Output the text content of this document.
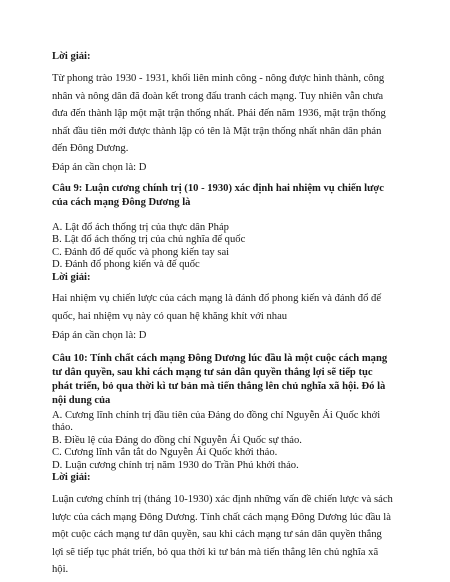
Lời giải:
Từ phong trào 1930 - 1931, khối liên minh công - nông được hình thành, công
nhân và nông dân đã đoàn kết trong đấu tranh cách mạng. Tuy nhiên vẫn chưa
đưa đến thành lập một mặt trận thống nhất. Phải đến năm 1936, mặt trận thống
nhất đầu tiên mới được thành lập có tên là Mặt trận thống nhất nhân dân phản
đến Đông Dương.
Đáp án cần chọn là: D
Câu 9: Luận cương chính trị (10 - 1930) xác định hai nhiệm vụ chiến lược
của cách mạng Đông Dương là
A. Lật đổ ách thống trị của thực dân Pháp
B. Lật đổ ách thống trị của chủ nghĩa đế quốc
C. Đánh đổ đế quốc và phong kiến tay sai
D. Đánh đổ phong kiến và đế quốc
Lời giải:
Hai nhiệm vụ chiến lược của cách mạng là đánh đổ phong kiến và đánh đổ đế
quốc, hai nhiệm vụ này có quan hệ khăng khít với nhau
Đáp án cần chọn là: D
Câu 10: Tính chất cách mạng Đông Dương lúc đầu là một cuộc cách mạng
tư dân quyền, sau khi cách mạng tư sản dân quyền thắng lợi sẽ tiếp tục
phát triển, bỏ qua thời kì tư bản mà tiến thẳng lên chủ nghĩa xã hội. Đó là
nội dung của
A. Cương lĩnh chính trị đầu tiên của Đảng do đồng chí Nguyễn Ái Quốc khởi
thảo.
B. Điều lệ của Đảng do đồng chí Nguyễn Ái Quốc sự thảo.
C. Cương lĩnh vắn tắt do Nguyễn Ái Quốc khởi thảo.
D. Luận cương chính trị năm 1930 do Trần Phú khởi thảo.
Lời giải:
Luận cương chính trị (tháng 10-1930) xác định những vấn đề chiến lược và sách
lược của cách mạng Đông Dương. Tính chất cách mạng Đông Dương lúc đầu là
một cuộc cách mạng tư dân quyền, sau khi cách mạng tư sản dân quyền thắng
lợi sẽ tiếp tục phát triển, bỏ qua thời kì tư bản mà tiến thẳng lên chủ nghĩa xã
hội.
